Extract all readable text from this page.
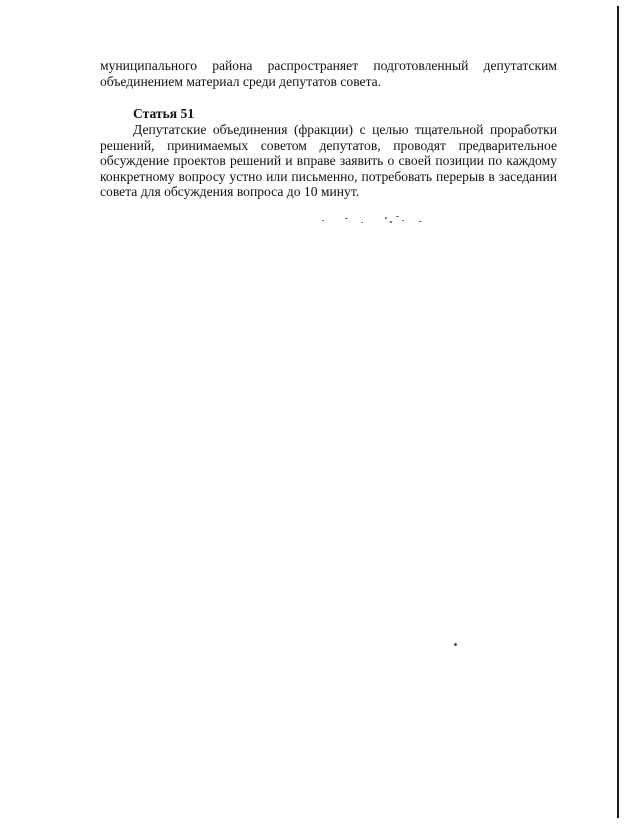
муниципального района распространяет подготовленный депутатским объединением материал среди депутатов совета.

Статья 51

Депутатские объединения (фракции) с целью тщательной проработки решений, принимаемых советом депутатов, проводят предварительное обсуждение проектов решений и вправе заявить о своей позиции по каждому конкретному вопросу устно или письменно, потребовать перерыв в заседании совета для обсуждения вопроса до 10 минут.
